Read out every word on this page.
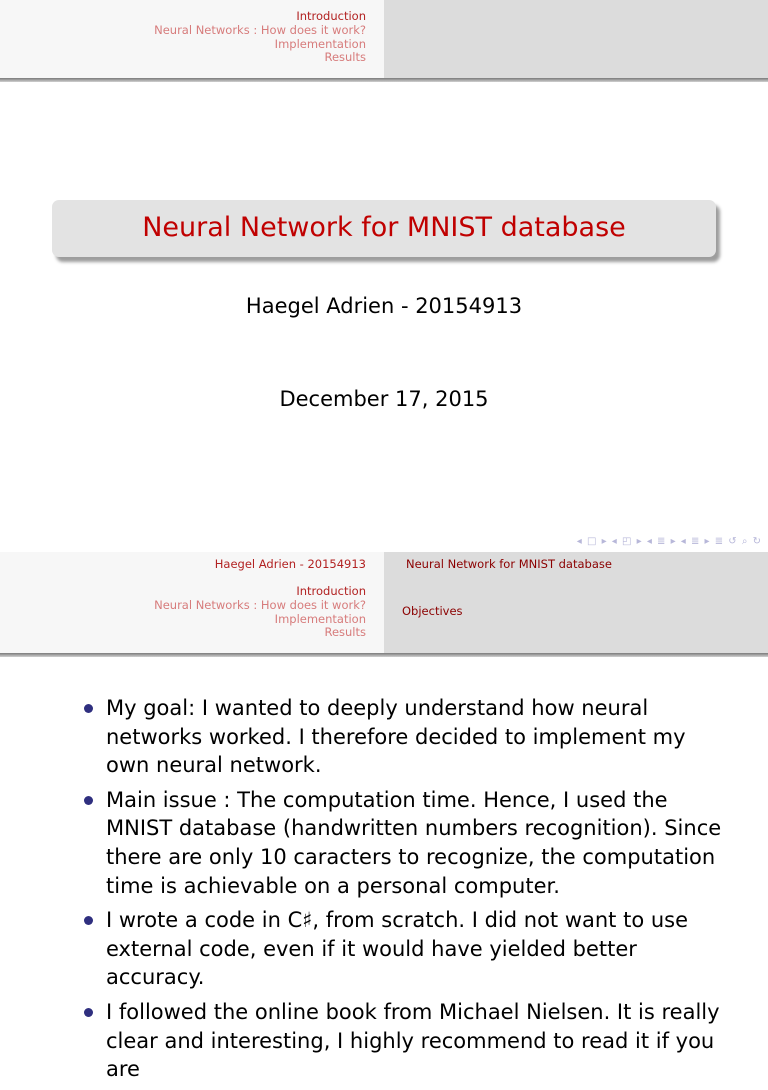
Introduction
Neural Networks : How does it work?
Implementation
Results
Neural Network for MNIST database
Haegel Adrien - 20154913
December 17, 2015
◂ □ ▸ ◂ ◰ ▸ ◂ ≣ ▸ ◂ ≣ ▸ ≣ ↺ ⌕ ↻
Haegel Adrien - 20154913	Neural Network for MNIST database
Introduction
Neural Networks : How does it work?
Implementation
Results
Objectives
My goal: I wanted to deeply understand how neural networks worked. I therefore decided to implement my own neural network.
Main issue : The computation time. Hence, I used the MNIST database (handwritten numbers recognition). Since there are only 10 caracters to recognize, the computation time is achievable on a personal computer.
I wrote a code in C♯, from scratch. I did not want to use external code, even if it would have yielded better accuracy.
I followed the online book from Michael Nielsen. It is really clear and interesting, I highly recommend to read it if you are
